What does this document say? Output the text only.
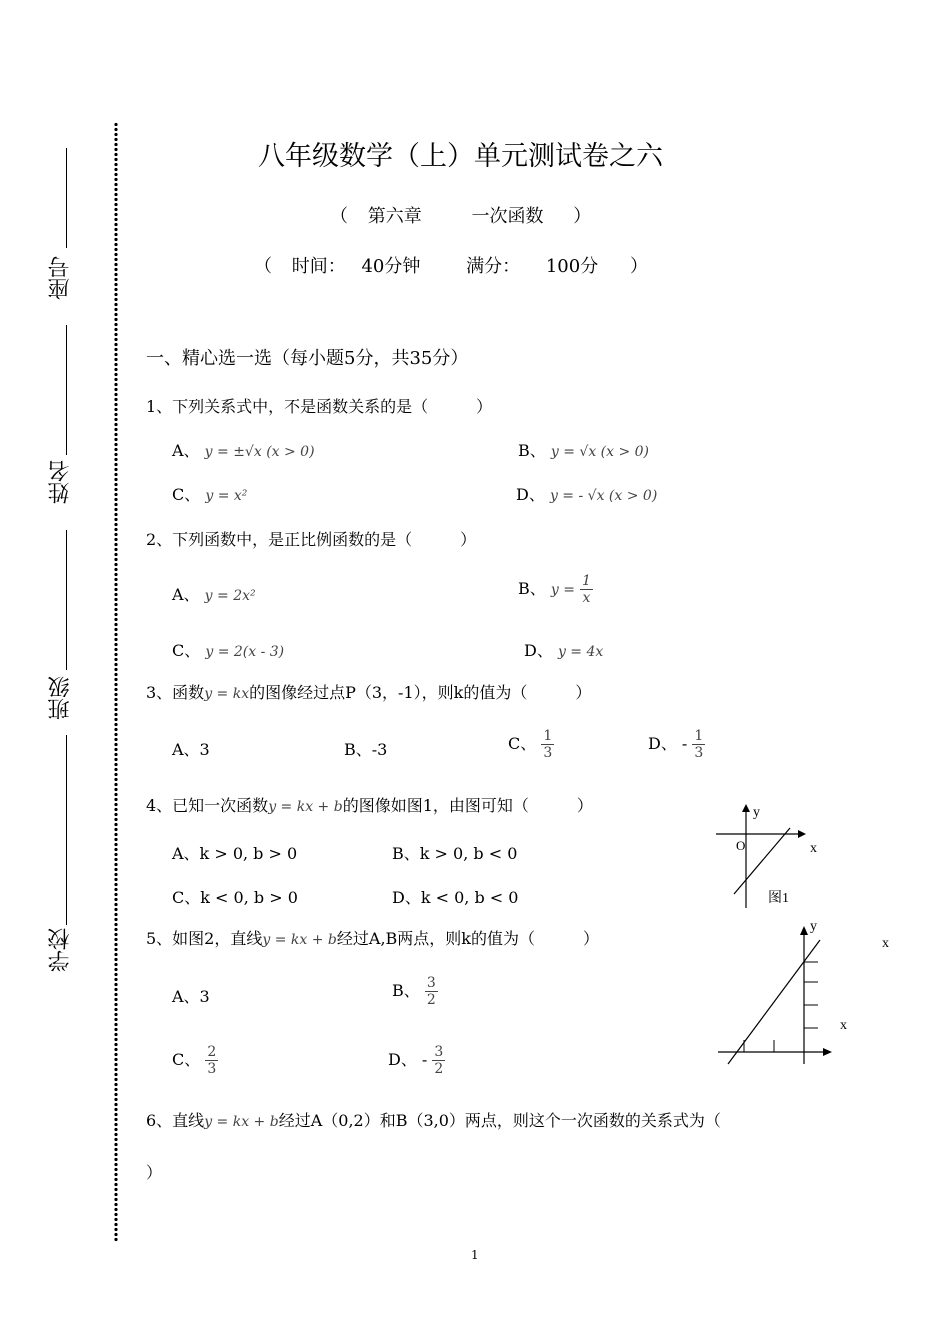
座号
姓名
班级
学校
八年级数学（上）单元测试卷之六
（ 第六章	一次函数 ）
（ 时间： 40分钟	满分： 100分 ）
一、精心选一选（每小题5分，共35分）
1、下列关系式中，不是函数关系的是（　　　）
A、 y = ±√x (x > 0)	B、 y = √x (x > 0)
C、 y = x²	D、 y = - √x (x > 0)
2、下列函数中，是正比例函数的是（　　　）
A、 y = 2x²	B、 $y = \frac{1}{x}$
C、 y = 2(x - 3)	D、 y = 4x
3、函数y = kx的图像经过点P（3，-1），则k的值为（　　　）
A、3	B、-3	C、 $\frac{1}{3}$	D、 - $\frac{1}{3}$
4、已知一次函数y = kx + b的图像如图1，由图可知（　　　）
A、k > 0, b > 0	B、k > 0, b < 0
C、k < 0, b > 0	D、k < 0, b < 0
y
x
O
图1
5、如图2，直线y = kx + b经过A,B两点，则k的值为（　　　）
A、3	B、 $\frac{3}{2}$
C、 $\frac{2}{3}$	D、 - $\frac{3}{2}$
y
x
x
6、直线y = kx + b经过A（0,2）和B（3,0）两点，则这个一次函数的关系式为（
）
1
